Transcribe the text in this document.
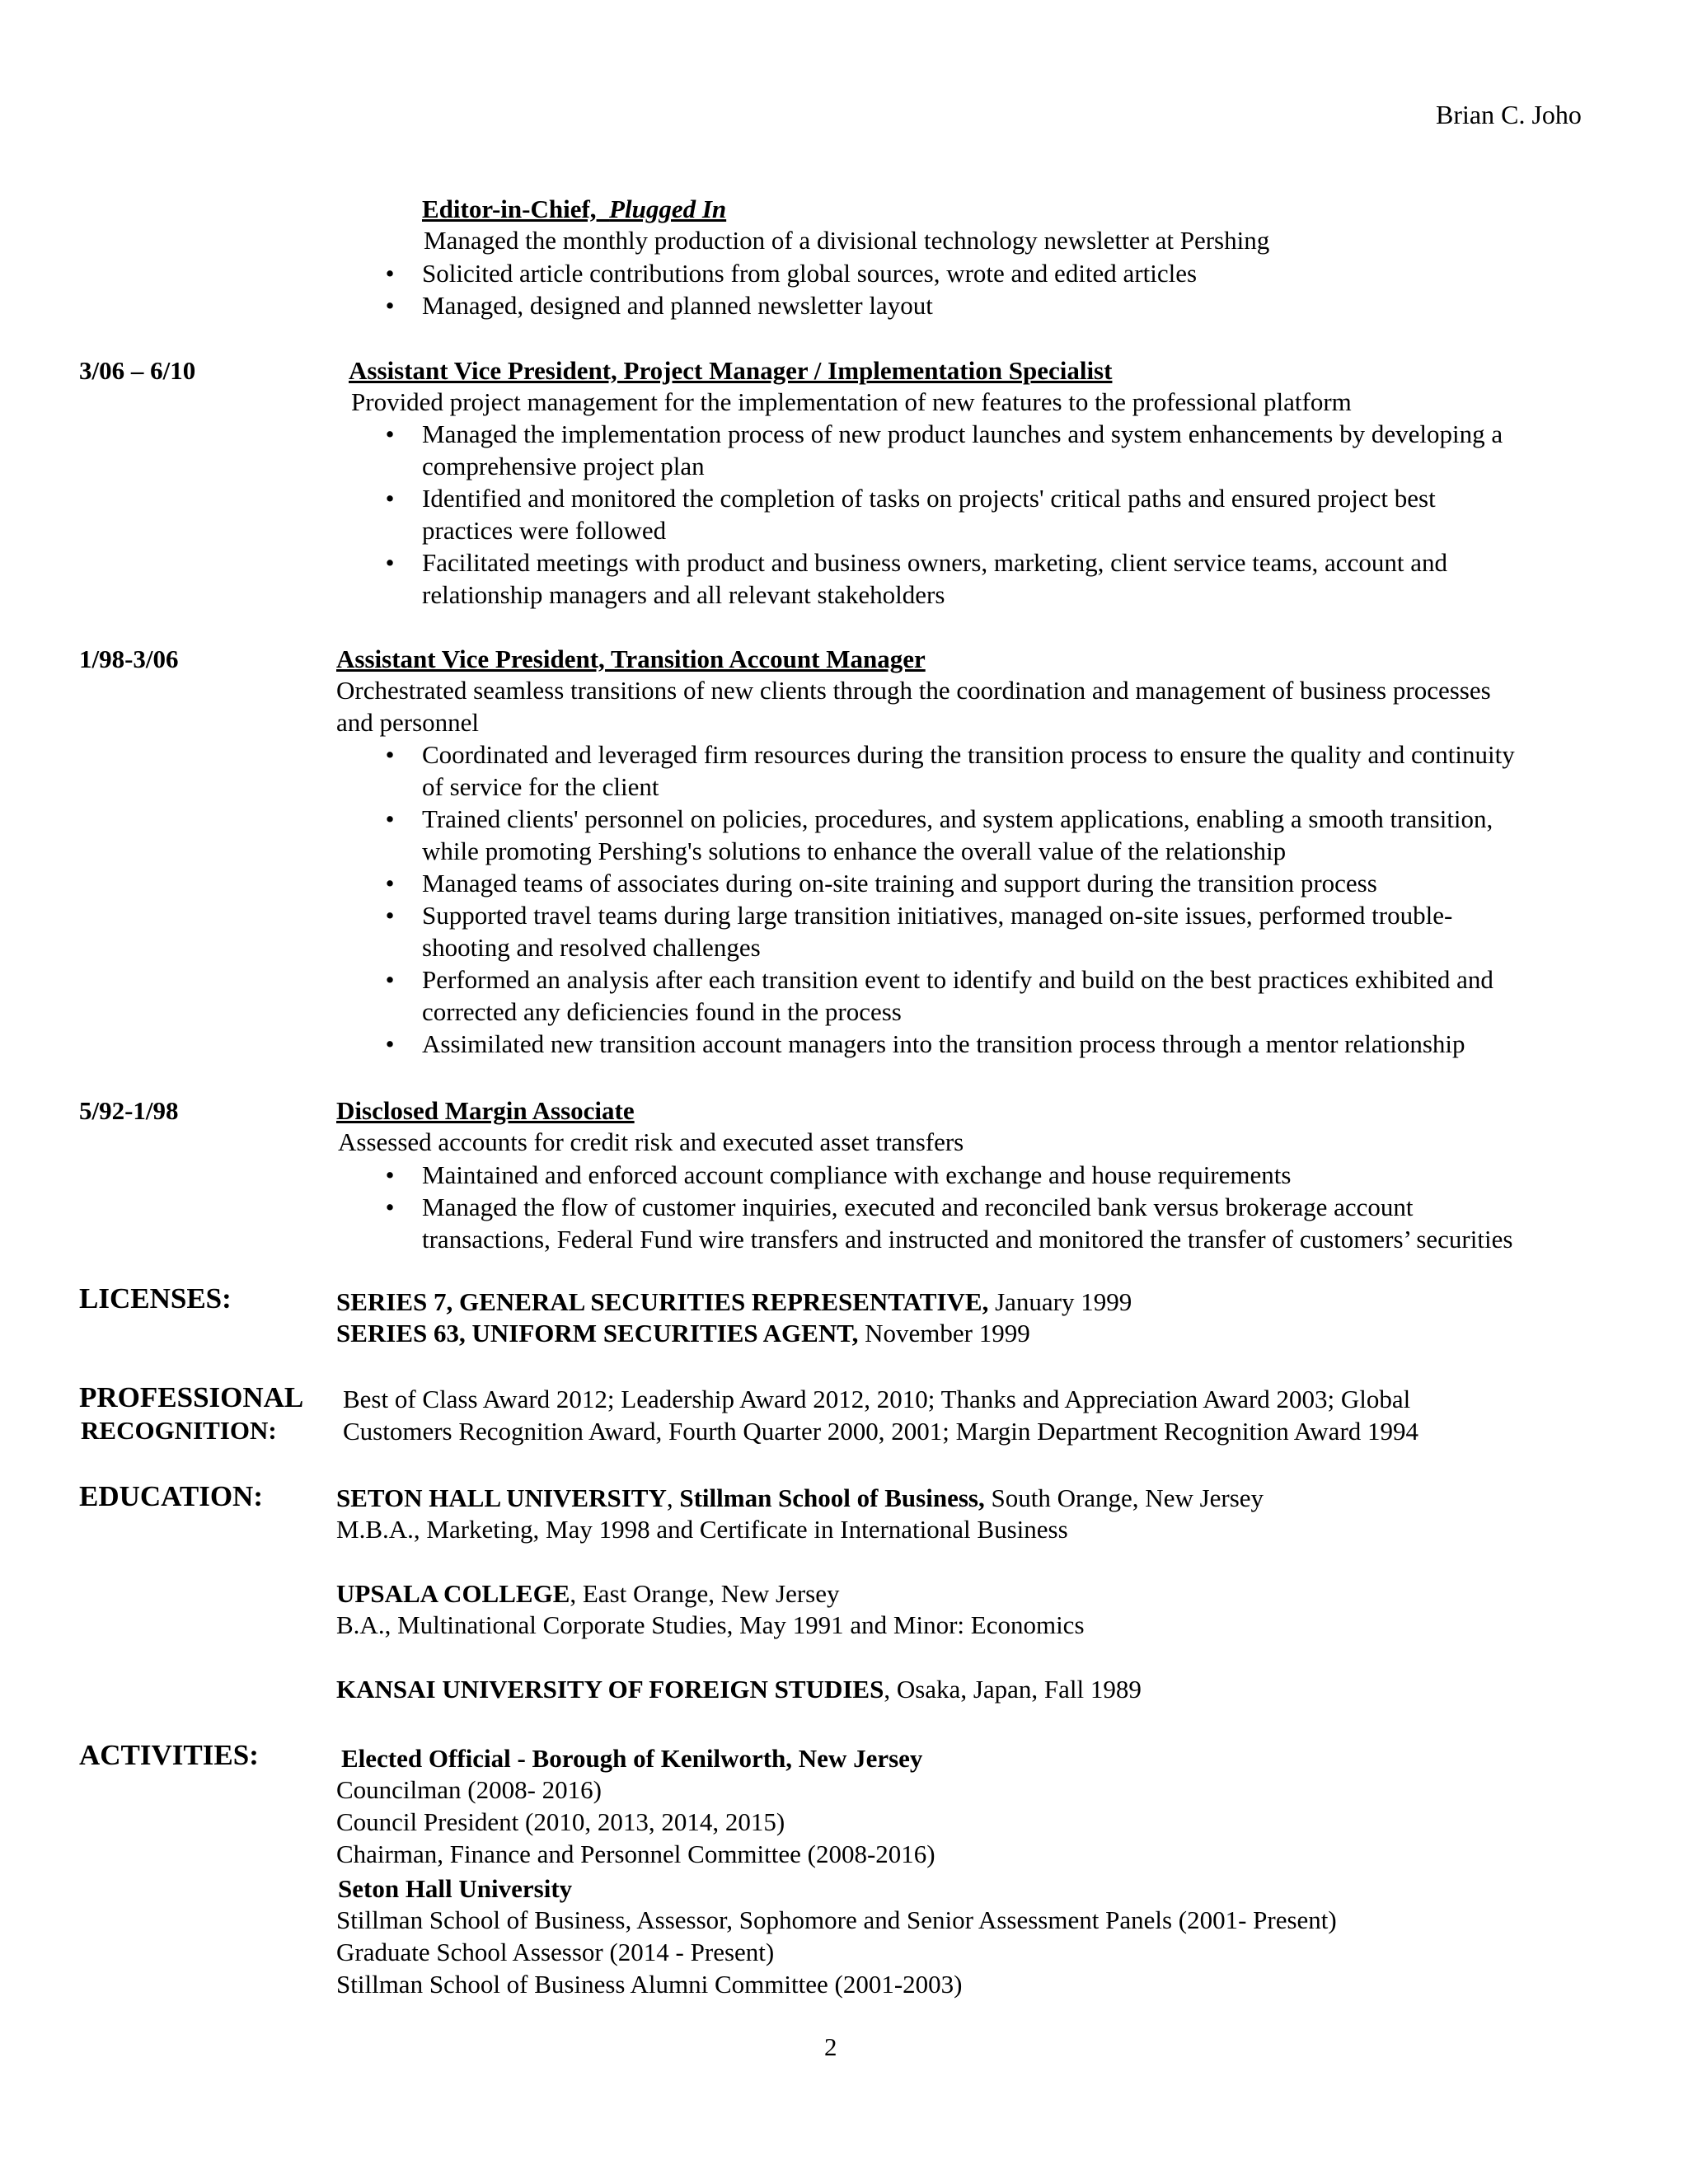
Brian C. Joho
Editor-in-Chief, Plugged In
Managed the monthly production of a divisional technology newsletter at Pershing
• Solicited article contributions from global sources, wrote and edited articles
• Managed, designed and planned newsletter layout
3/06 – 6/10	Assistant Vice President, Project Manager / Implementation Specialist
Provided project management for the implementation of new features to the professional platform
• Managed the implementation process of new product launches and system enhancements by developing a
comprehensive project plan
• Identified and monitored the completion of tasks on projects' critical paths and ensured project best
practices were followed
• Facilitated meetings with product and business owners, marketing, client service teams, account and
relationship managers and all relevant stakeholders
1/98-3/06	Assistant Vice President, Transition Account Manager
Orchestrated seamless transitions of new clients through the coordination and management of business processes
and personnel
• Coordinated and leveraged firm resources during the transition process to ensure the quality and continuity
of service for the client
• Trained clients' personnel on policies, procedures, and system applications, enabling a smooth transition,
while promoting Pershing's solutions to enhance the overall value of the relationship
• Managed teams of associates during on-site training and support during the transition process
• Supported travel teams during large transition initiatives, managed on-site issues, performed trouble-
shooting and resolved challenges
• Performed an analysis after each transition event to identify and build on the best practices exhibited and
corrected any deficiencies found in the process
• Assimilated new transition account managers into the transition process through a mentor relationship
5/92-1/98	Disclosed Margin Associate
Assessed accounts for credit risk and executed asset transfers
• Maintained and enforced account compliance with exchange and house requirements
• Managed the flow of customer inquiries, executed and reconciled bank versus brokerage account
transactions, Federal Fund wire transfers and instructed and monitored the transfer of customers’ securities
LICENSES:	SERIES 7, GENERAL SECURITIES REPRESENTATIVE, January 1999
SERIES 63, UNIFORM SECURITIES AGENT, November 1999
PROFESSIONAL
RECOGNITION:
Best of Class Award 2012; Leadership Award 2012, 2010; Thanks and Appreciation Award 2003; Global
Customers Recognition Award, Fourth Quarter 2000, 2001; Margin Department Recognition Award 1994
EDUCATION:	SETON HALL UNIVERSITY, Stillman School of Business, South Orange, New Jersey
M.B.A., Marketing, May 1998 and Certificate in International Business
UPSALA COLLEGE, East Orange, New Jersey
B.A., Multinational Corporate Studies, May 1991 and Minor: Economics
KANSAI UNIVERSITY OF FOREIGN STUDIES, Osaka, Japan, Fall 1989
ACTIVITIES:	Elected Official - Borough of Kenilworth, New Jersey
Councilman (2008- 2016)
Council President (2010, 2013, 2014, 2015)
Chairman, Finance and Personnel Committee (2008-2016)
Seton Hall University
Stillman School of Business, Assessor, Sophomore and Senior Assessment Panels (2001- Present)
Graduate School Assessor (2014 - Present)
Stillman School of Business Alumni Committee (2001-2003)
2
